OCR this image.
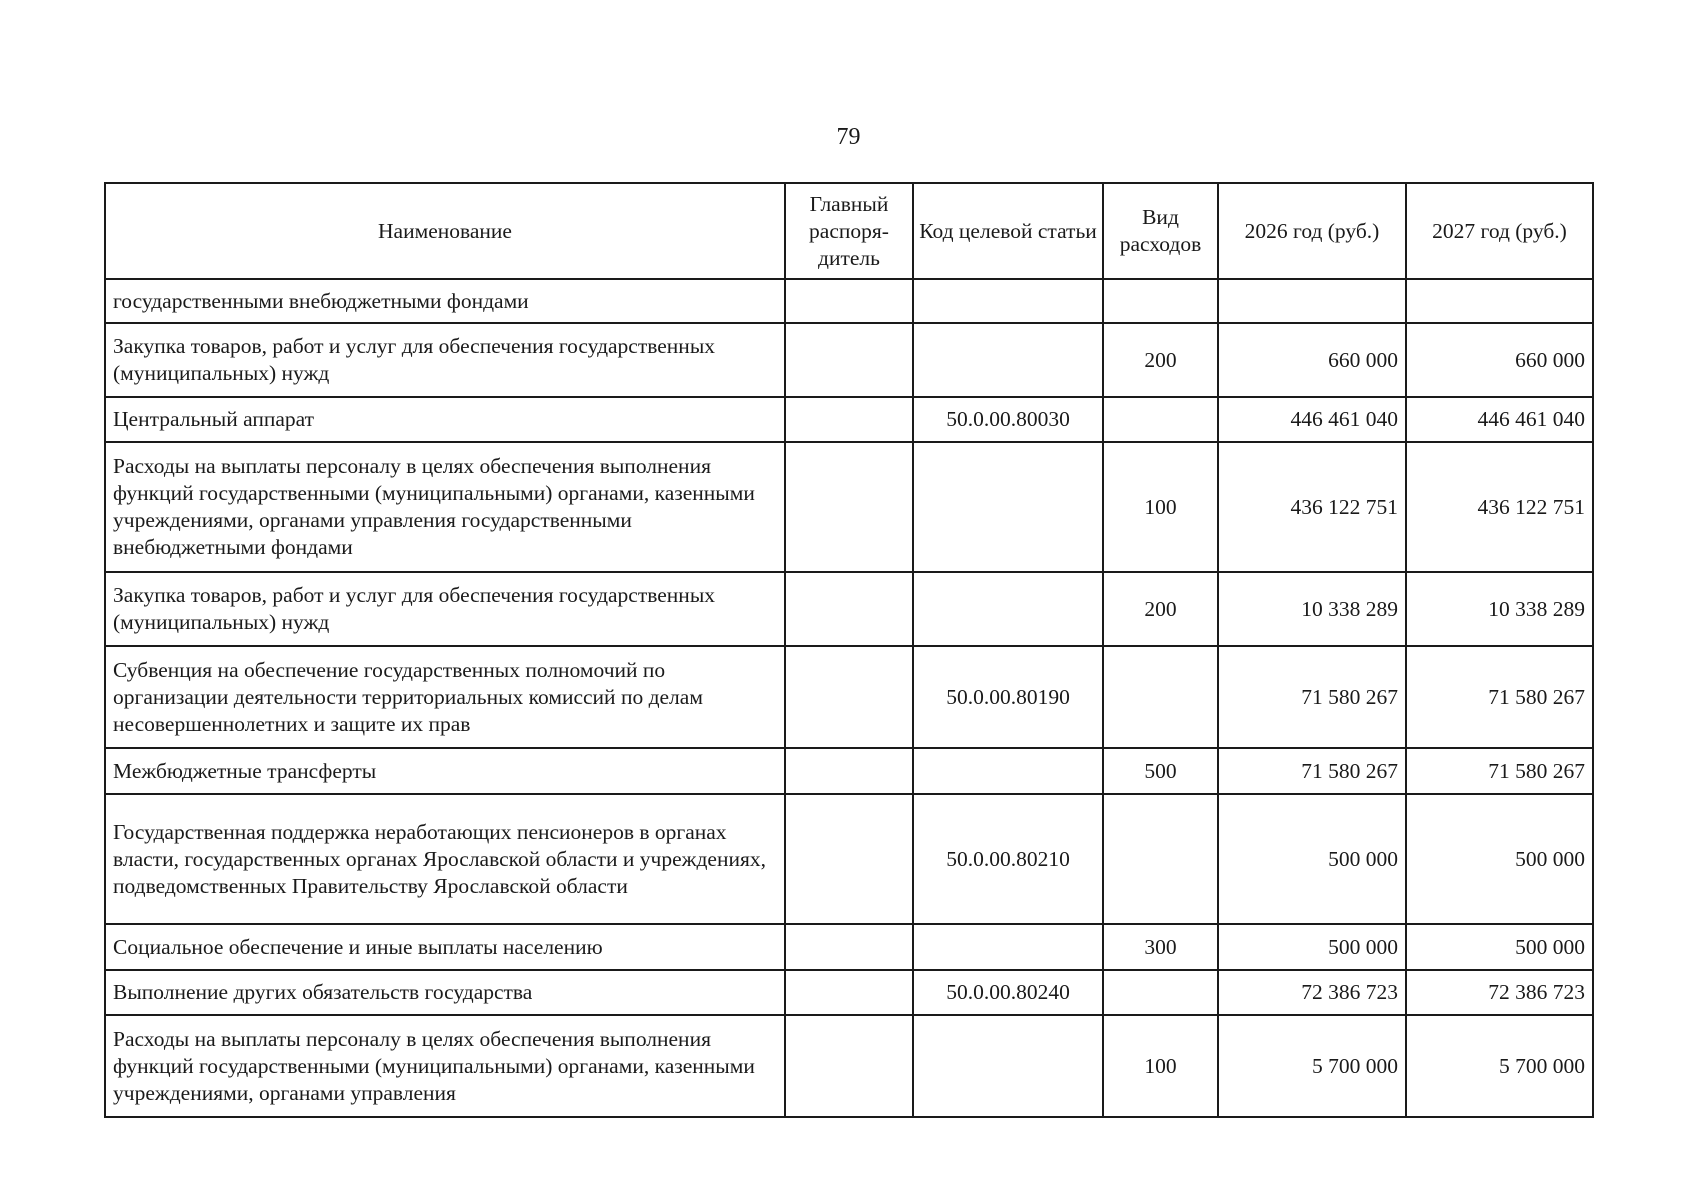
79
Наименование	Главный распоря-дитель	Код целевой статьи	Вид расходов	2026 год (руб.)	2027 год (руб.)
государственными внебюджетными фондами					
Закупка товаров, работ и услуг для обеспечения государственных (муниципальных) нужд			200	660 000	660 000
Центральный аппарат		50.0.00.80030		446 461 040	446 461 040
Расходы на выплаты персоналу в целях обеспечения выполнения функций государственными (муниципальными) органами, казенными учреждениями, органами управления государственными внебюджетными фондами			100	436 122 751	436 122 751
Закупка товаров, работ и услуг для обеспечения государственных (муниципальных) нужд			200	10 338 289	10 338 289
Субвенция на обеспечение государственных полномочий по организации деятельности территориальных комиссий по делам несовершеннолетних и защите их прав		50.0.00.80190		71 580 267	71 580 267
Межбюджетные трансферты			500	71 580 267	71 580 267
Государственная поддержка неработающих пенсионеров в органах власти, государственных органах Ярославской области и учреждениях, подведомственных Правительству Ярославской области		50.0.00.80210		500 000	500 000
Социальное обеспечение и иные выплаты населению			300	500 000	500 000
Выполнение других обязательств государства		50.0.00.80240		72 386 723	72 386 723
Расходы на выплаты персоналу в целях обеспечения выполнения функций государственными (муниципальными) органами, казенными учреждениями, органами управления			100	5 700 000	5 700 000
